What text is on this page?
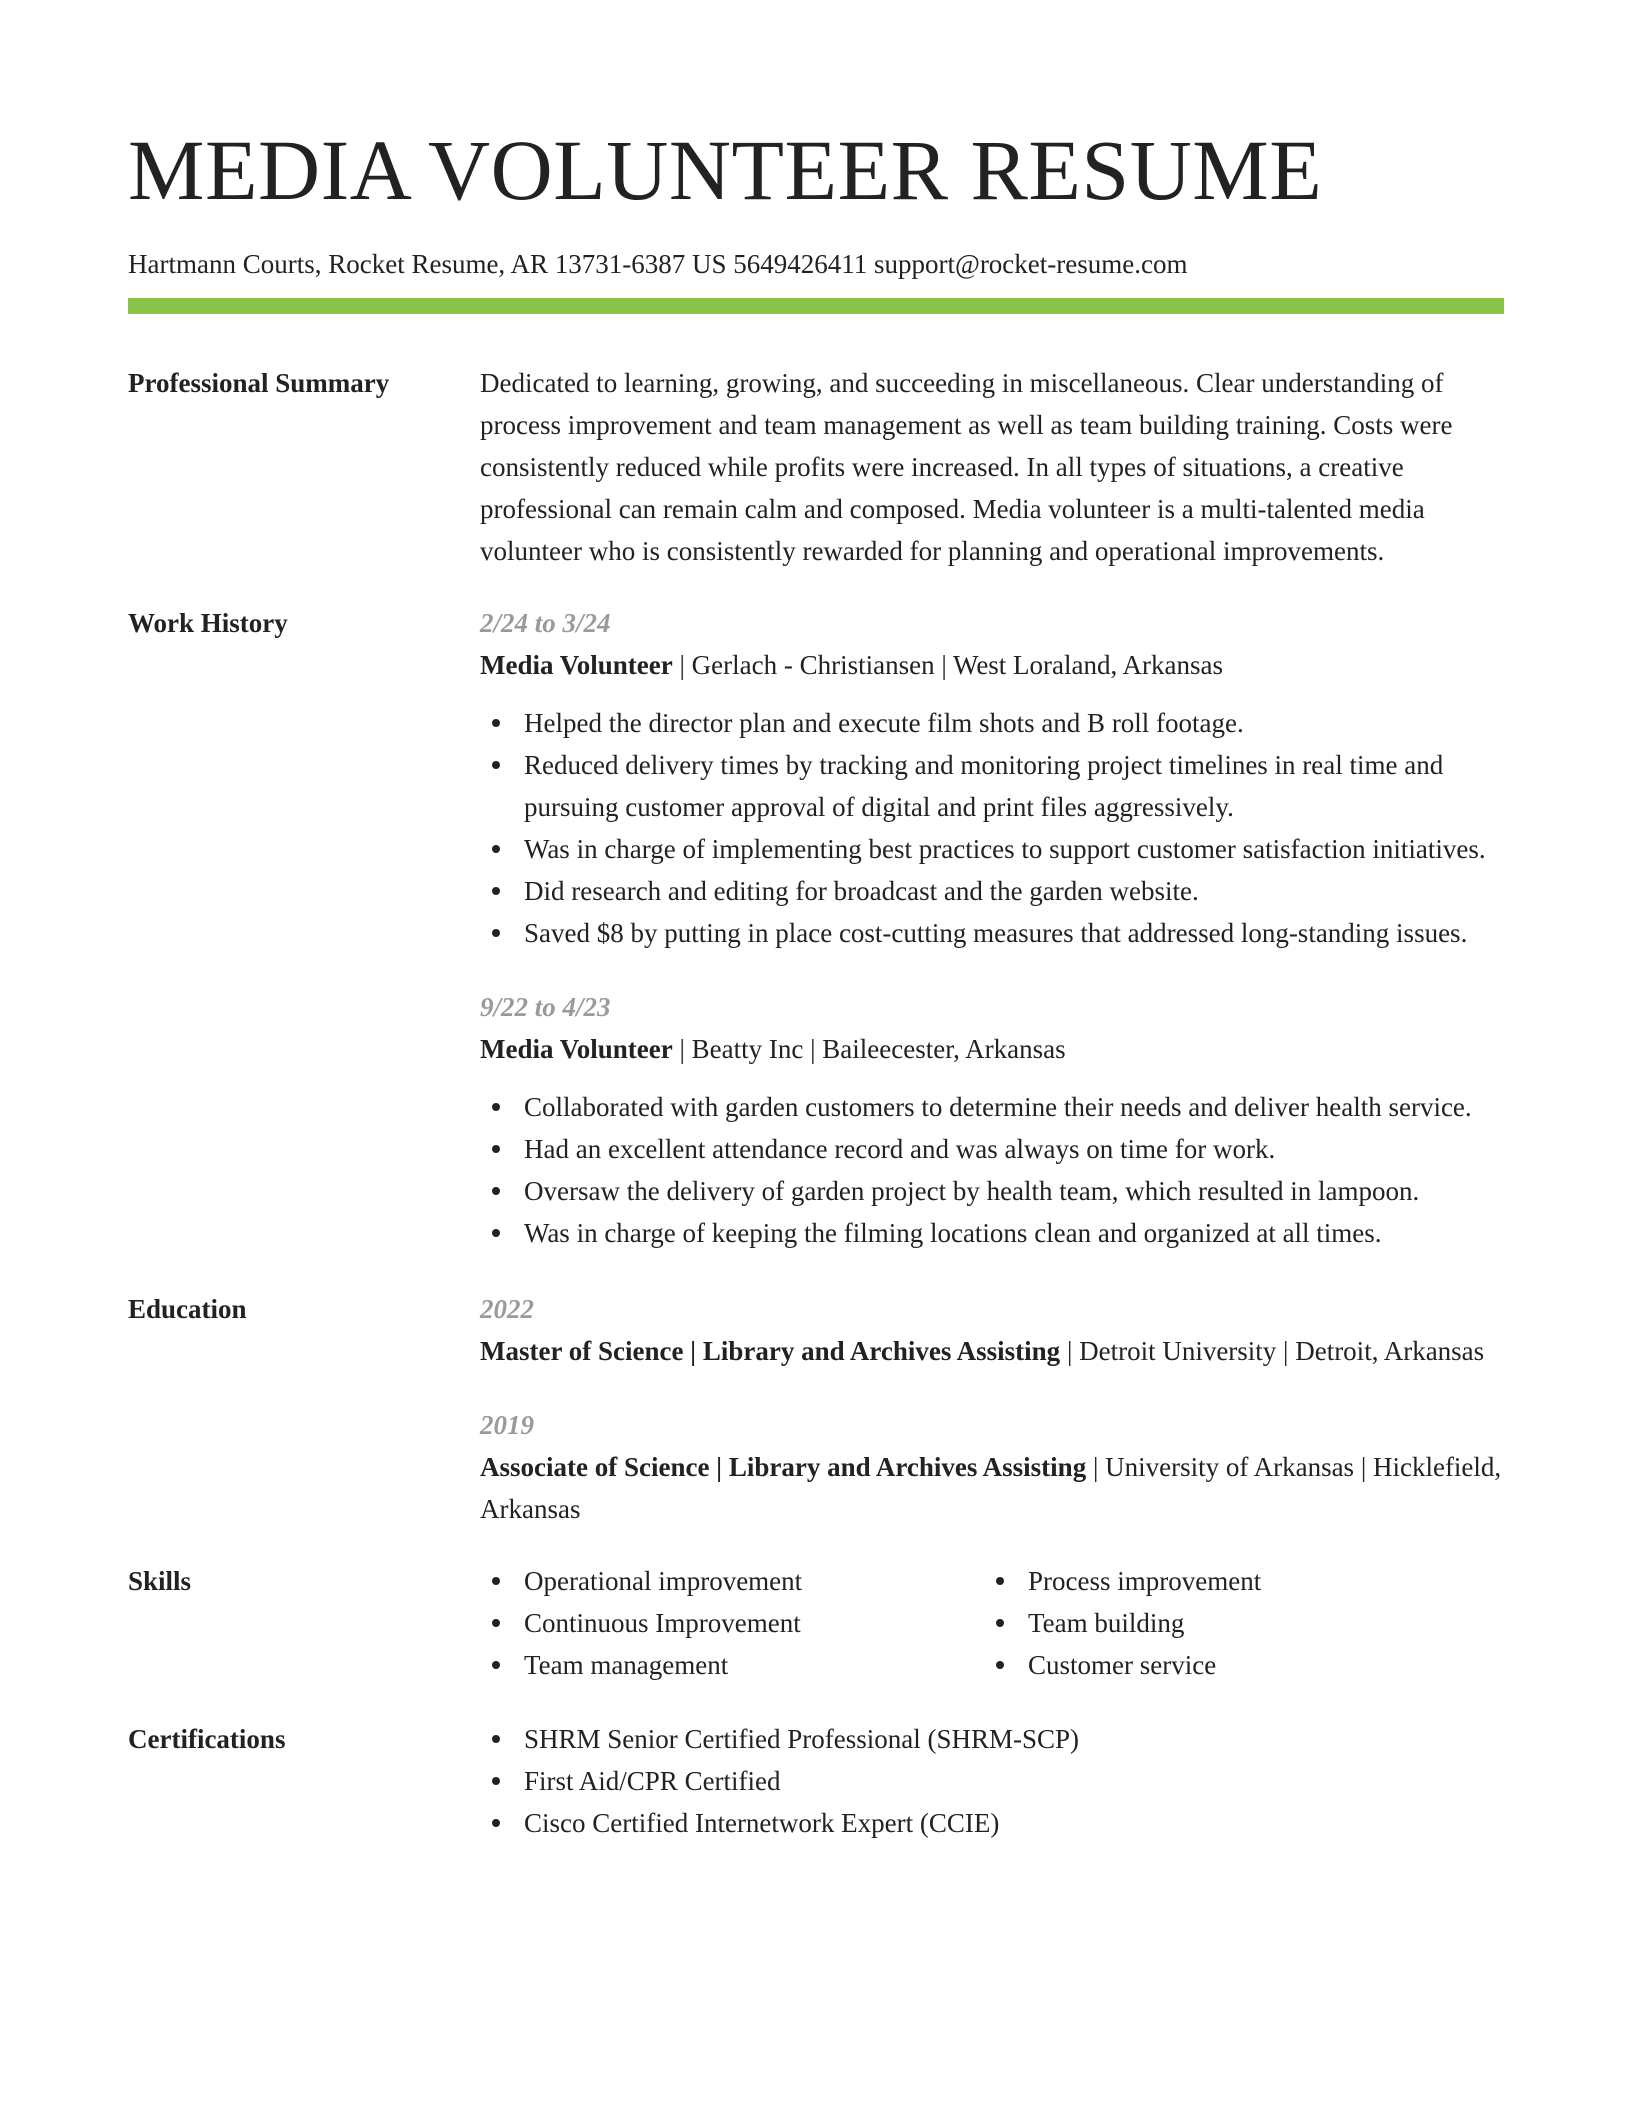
MEDIA VOLUNTEER RESUME
Hartmann Courts, Rocket Resume, AR 13731-6387 US 5649426411 support@rocket-resume.com
Professional Summary	Dedicated to learning, growing, and succeeding in miscellaneous. Clear understanding of process improvement and team management as well as team building training. Costs were consistently reduced while profits were increased. In all types of situations, a creative professional can remain calm and composed. Media volunteer is a multi-talented media volunteer who is consistently rewarded for planning and operational improvements.
Work History	2/24 to 3/24
Media Volunteer | Gerlach - Christiansen | West Loraland, Arkansas
Helped the director plan and execute film shots and B roll footage.
Reduced delivery times by tracking and monitoring project timelines in real time and pursuing customer approval of digital and print files aggressively.
Was in charge of implementing best practices to support customer satisfaction initiatives.
Did research and editing for broadcast and the garden website.
Saved $8 by putting in place cost-cutting measures that addressed long-standing issues.
9/22 to 4/23
Media Volunteer | Beatty Inc | Baileecester, Arkansas
Collaborated with garden customers to determine their needs and deliver health service.
Had an excellent attendance record and was always on time for work.
Oversaw the delivery of garden project by health team, which resulted in lampoon.
Was in charge of keeping the filming locations clean and organized at all times.
Education	2022
Master of Science | Library and Archives Assisting | Detroit University | Detroit, Arkansas
2019
Associate of Science | Library and Archives Assisting | University of Arkansas | Hicklefield, Arkansas
Skills	Operational improvement
Continuous Improvement
Team management
Process improvement
Team building
Customer service
Certifications	SHRM Senior Certified Professional (SHRM-SCP)
First Aid/CPR Certified
Cisco Certified Internetwork Expert (CCIE)
